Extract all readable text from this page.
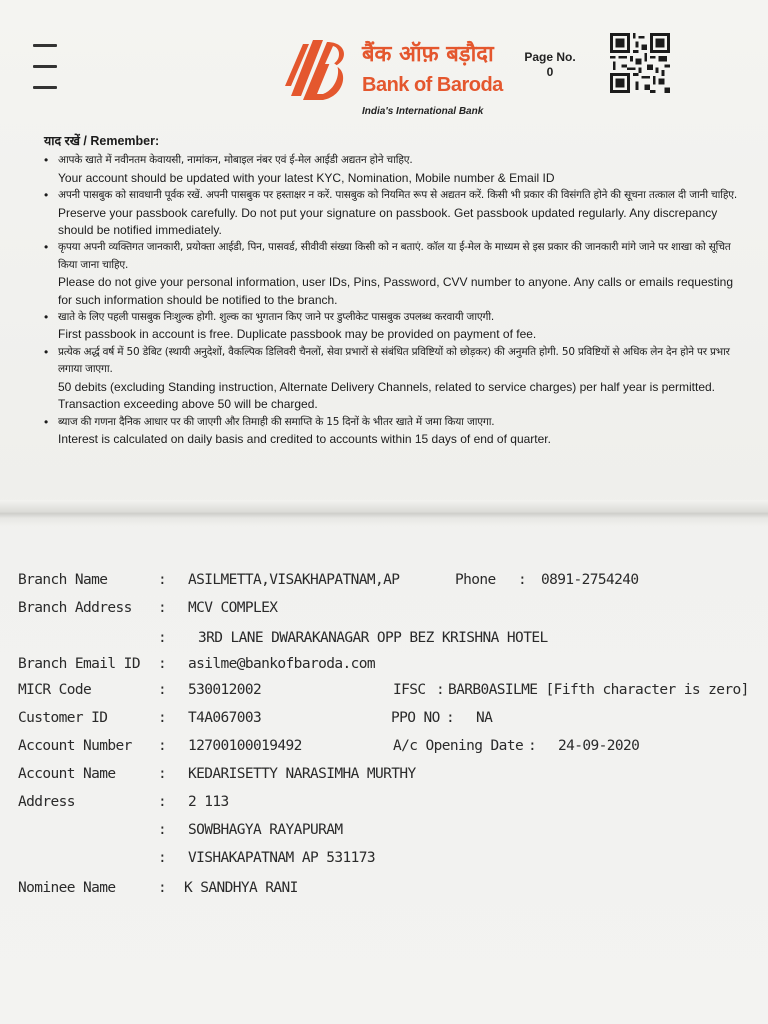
बैंक ऑफ़ बड़ौदा
Bank of Baroda
India's International Bank
Page No.
0
याद रखें / Remember:
• आपके खाते में नवीनतम केवायसी, नामांकन, मोबाइल नंबर एवं ई-मेल आईडी अद्यतन होने चाहिए.
Your account should be updated with your latest KYC, Nomination, Mobile number & Email ID
• अपनी पासबुक को सावधानी पूर्वक रखें. अपनी पासबुक पर हस्ताक्षर न करें. पासबुक को नियमित रूप से अद्यतन करें. किसी भी प्रकार की विसंगति होने की सूचना तत्काल दी जानी चाहिए.
Preserve your passbook carefully. Do not put your signature on passbook. Get passbook updated regularly. Any discrepancy should be notified immediately.
• कृपया अपनी व्यक्तिगत जानकारी, प्रयोक्ता आईडी, पिन, पासवर्ड, सीवीवी संख्या किसी को न बताएं. कॉल या ई-मेल के माध्यम से इस प्रकार की जानकारी मांगे जाने पर शाखा को सूचित किया जाना चाहिए.
Please do not give your personal information, user IDs, Pins, Password, CVV number to anyone. Any calls or emails requesting for such information should be notified to the branch.
• खाते के लिए पहली पासबुक निःशुल्क होगी. शुल्क का भुगतान किए जाने पर डुप्लीकेट पासबुक उपलब्ध करवायी जाएगी.
First passbook in account is free. Duplicate passbook may be provided on payment of fee.
• प्रत्येक अर्द्ध वर्ष में 50 डेबिट (स्थायी अनुदेशों, वैकल्पिक डिलिवरी चैनलों, सेवा प्रभारों से संबंधित प्रविष्टियों को छोड़कर) की अनुमति होगी. 50 प्रविष्टियों से अधिक लेन देन होने पर प्रभार लगाया जाएगा.
50 debits (excluding Standing instruction, Alternate Delivery Channels, related to service charges) per half year is permitted. Transaction exceeding above 50 will be charged.
• ब्याज की गणना दैनिक आधार पर की जाएगी और तिमाही की समाप्ति के 15 दिनों के भीतर खाते में जमा किया जाएगा.
Interest is calculated on daily basis and credited to accounts within 15 days of end of quarter.
Branch Name	: ASILMETTA,VISAKHAPATNAM,AP	Phone : 0891-2754240
Branch Address : MCV COMPLEX
: 3RD LANE DWARAKANAGAR OPP BEZ KRISHNA HOTEL
Branch Email ID : asilme@bankofbaroda.com
MICR Code	: 530012002	IFSC : BARB0ASILME [Fifth character is zero]
Customer ID	: T4A067003	PPO NO : NA
Account Number : 12700100019492	A/c Opening Date : 24-09-2020
Account Name	: KEDARISETTY NARASIMHA MURTHY
Address	: 2 113
: SOWBHAGYA RAYAPURAM
: VISHAKAPATNAM AP 531173
Nominee Name	: K SANDHYA RANI
